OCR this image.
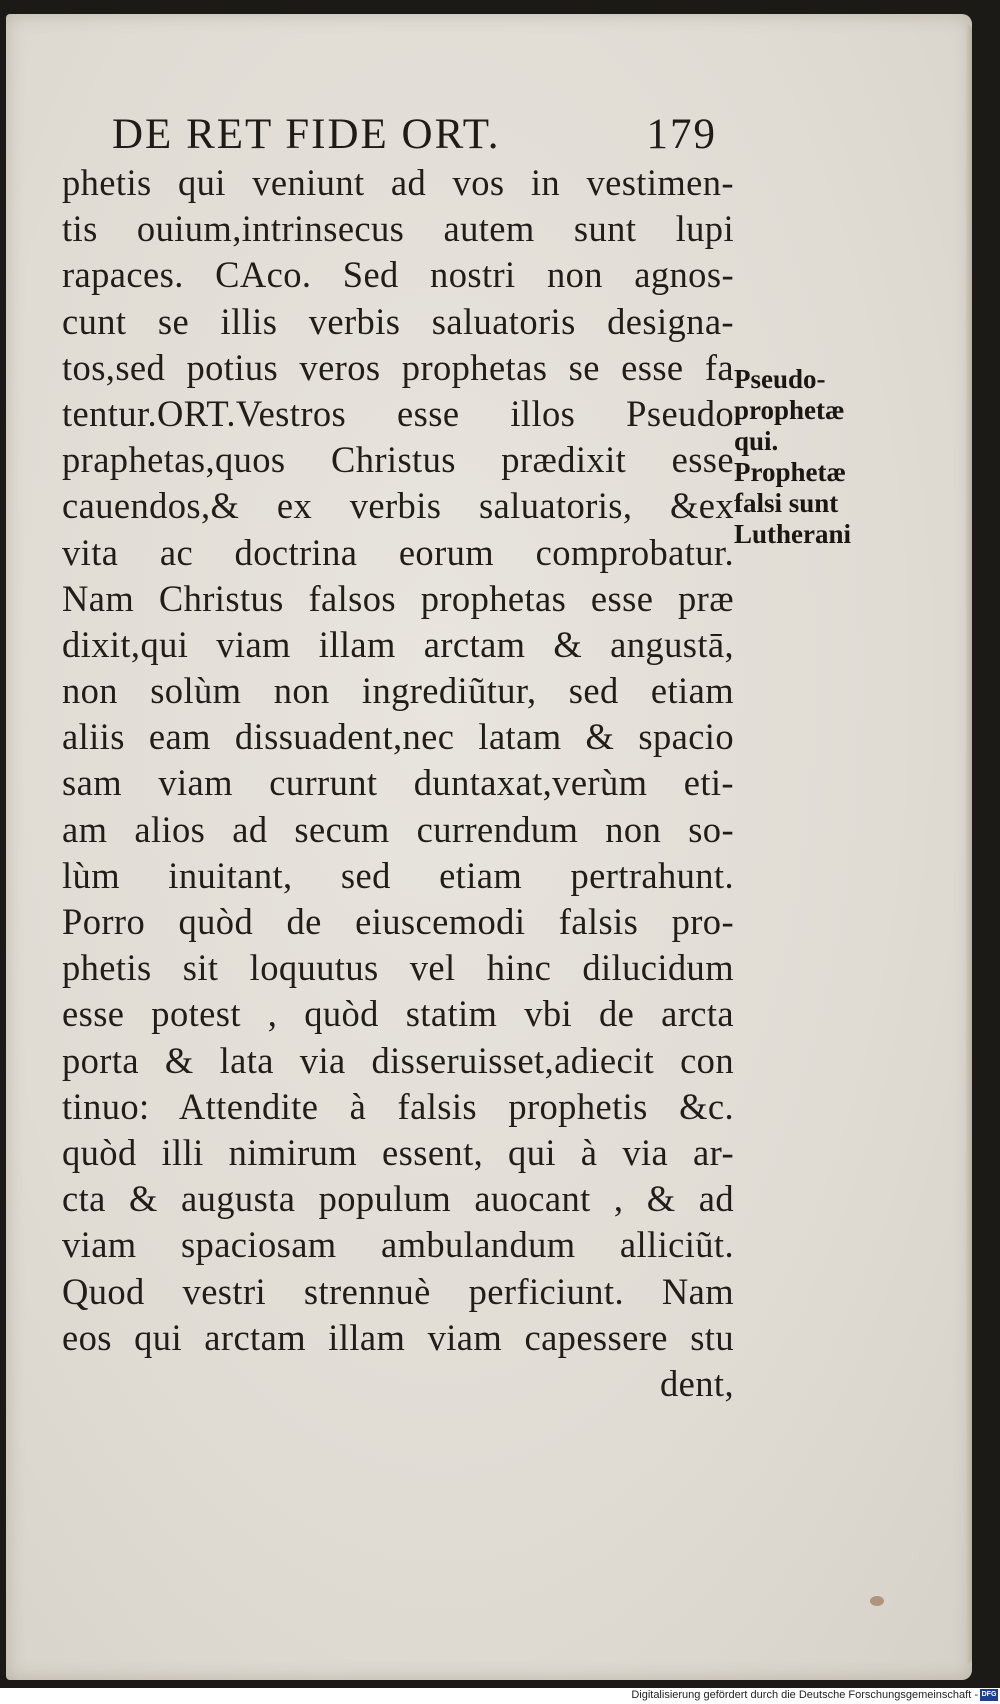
DE RET FIDE ORT.	179
phetis qui veniunt ad vos in vestimen-
tis ouium,intrinsecus autem sunt lupi
rapaces. CAco. Sed nostri non agnos-
cunt se illis verbis saluatoris designa-
tos,sed potius veros prophetas se esse fa
tentur.ORT.Vestros esse illos Pseudo
praphetas,quos Christus prædixit esse
cauendos,& ex verbis saluatoris, &ex
vita ac doctrina eorum comprobatur.
Nam Christus falsos prophetas esse præ
dixit,qui viam illam arctam & angustā,
non solùm non ingrediũtur, sed etiam
aliis eam dissuadent,nec latam & spacio
sam viam currunt duntaxat,verùm eti-
am alios ad secum currendum non so-
lùm inuitant, sed etiam pertrahunt.
Porro quòd de eiuscemodi falsis pro-
phetis sit loquutus vel hinc dilucidum
esse potest , quòd statim vbi de arcta
porta & lata via disseruisset,adiecit con
tinuo: Attendite à falsis prophetis &c.
quòd illi nimirum essent, qui à via ar-
cta & augusta populum auocant , & ad
viam spaciosam ambulandum alliciũt.
Quod vestri strennuè perficiunt. Nam
eos qui arctam illam viam capessere stu
dent,
Pseudo-
prophetæ
qui.
Prophetæ
falsi sunt
Lutherani
Digitalisierung gefördert durch die Deutsche Forschungsgemeinschaft - DFG
